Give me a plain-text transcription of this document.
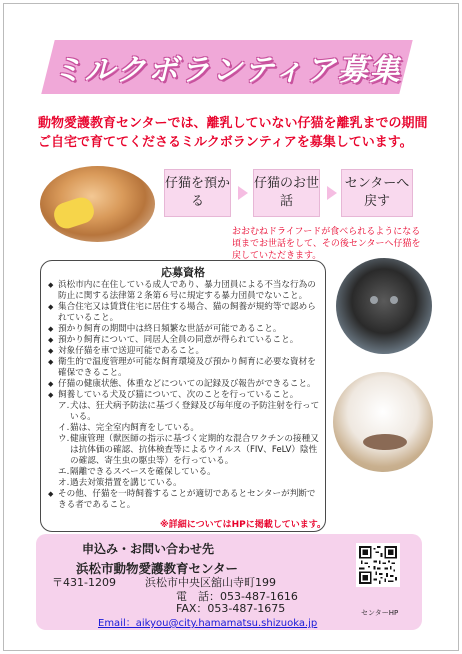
ミルクボランティア募集

動物愛護教育センターでは、離乳していない仔猫を離乳までの期間ご自宅で育ててくださるミルクボランティアを募集しています。

仔猫を預かる
仔猫のお世話
センターへ戻す

おおむねドライフードが食べられるようになる頃までお世話をして、その後センターへ仔猫を戻していただきます。

応募資格
◆ 浜松市内に在住している成人であり、暴力団員による不当な行為の防止に関する法律第２条第６号に規定する暴力団員でないこと。
◆ 集合住宅又は賃貸住宅に居住する場合、猫の飼養が規約等で認められていること。
◆ 預かり飼育の期間中は終日頻繁な世話が可能であること。
◆ 預かり飼育について、同居人全員の同意が得られていること。
◆ 対象仔猫を車で送迎可能であること。
◆ 衛生的で温度管理が可能な飼育環境及び預かり飼育に必要な資材を確保できること。
◆ 仔猫の健康状態、体重などについての記録及び報告ができること。
◆ 飼養している犬及び猫について、次のことを行っていること。
ア. 犬は、狂犬病予防法に基づく登録及び毎年度の予防注射を行っている。
イ. 猫は、完全室内飼育をしている。
ウ. 健康管理（獣医師の指示に基づく定期的な混合ワクチンの接種又は抗体価の確認、抗体検査等によるウイルス（FIV、FeLV）陰性の確認、寄生虫の駆虫等）を行っている。
エ. 隔離できるスペースを確保している。
オ. 過去対策措置を講じている。
◆ その他、仔猫を一時飼養することが適切であるとセンターが判断できる者であること。
※詳細についてはHPに掲載しています。
申込み・お問い合わせ先
浜松市動物愛護教育センター
〒431-1209	浜松市中央区舘山寺町199
電　話：053-487-1616
FAX：053-487-1675
Email：aikyou@city.hamamatsu.shizuoka.jp
センターHP
